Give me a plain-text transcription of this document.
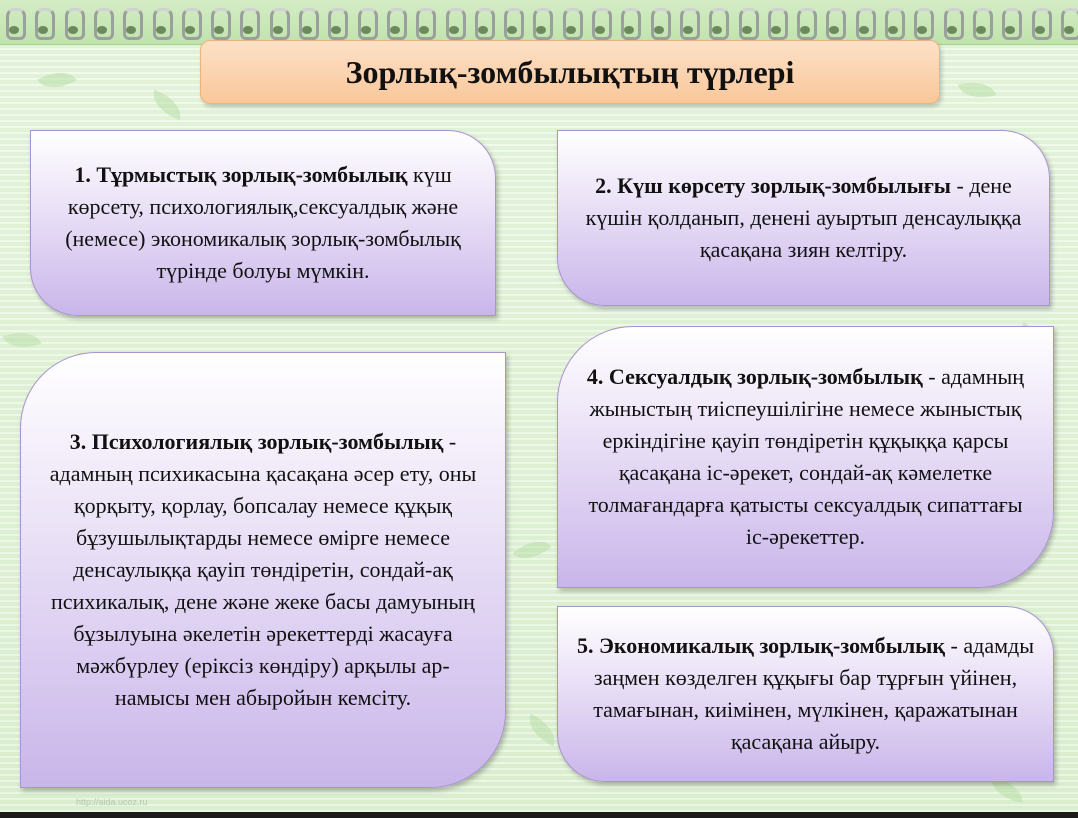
Зорлық-зомбылықтың түрлері

1. Тұрмыстық зорлық-зомбылық күш көрсету, психологиялық,сексуалдық және (немесе) экономикалық зорлық-зомбылық түрінде болуы мүмкін.

2. Күш көрсету зорлық-зомбылығы - дене күшін қолданып, денені ауыртып денсаулыққа қасақана зиян келтіру.

3. Психологиялық зорлық-зомбылық - адамның психикасына қасақана әсер ету, оны қорқыту, қорлау, бопсалау немесе құқық бұзушылықтарды немесе өмірге немесе денсаулыққа қауіп төндіретін, сондай-ақ психикалық, дене және жеке басы дамуының бұзылуына әкелетін әрекеттерді жасауға мәжбүрлеу (еріксіз көндіру) арқылы ар-намысы мен абыройын кемсіту.

4. Сексуалдық зорлық-зомбылық - адамның жыныстың тиіспеушілігіне немесе жыныстық еркіндігіне қауіп төндіретін құқыққа қарсы қасақана іс-әрекет, сондай-ақ кәмелетке толмағандарға қатысты сексуалдық сипаттағы іс-әрекеттер.

5. Экономикалық зорлық-зомбылық - адамды заңмен көзделген құқығы бар тұрғын үйінен, тамағынан, киімінен, мүлкінен, қаражатынан қасақана айыру.

http://aida.ucoz.ru
